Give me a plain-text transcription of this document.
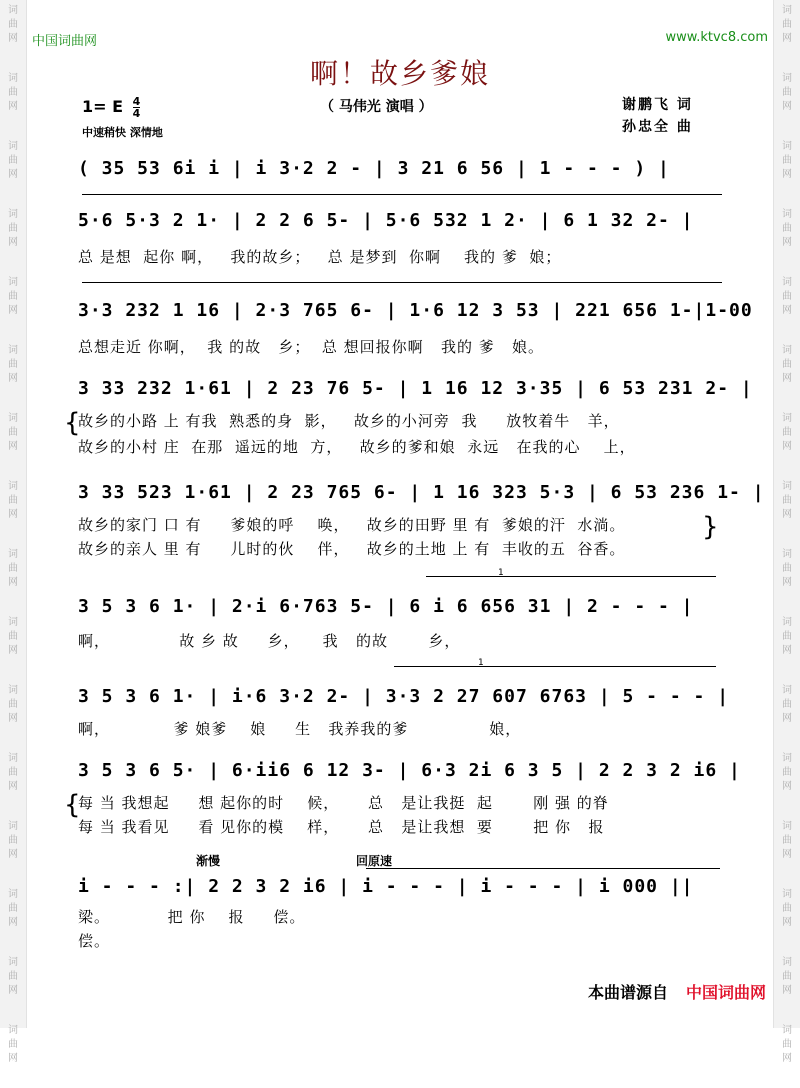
词
曲
网
词
曲
网
词
曲
网
词
曲
网
词
曲
网
词
曲
网
词
曲
网
词
曲
网
词
曲
网
词
曲
网
词
曲
网
词
曲
网
词
曲
网
词
曲
网
词
曲
网
词
曲
网
词
曲
网
词
曲
网
词
曲
网
词
曲
网
词
曲
网
词
曲
网
词
曲
网
词
曲
网
词
曲
网
词
曲
网
词
曲
网
词
曲
网
词
曲
网
词
曲
网
词
曲
网
词
曲
网
中国词曲网	www.ktvc8.com
啊！故乡爹娘
1= E $\frac{4}{4}$
中速稍快 深情地
（ 马伟光 演唱 ）	谢鹏飞 词
孙忠全 曲
( 35 53 6i i | i 3·2 2 - | 3 21 6 56 | 1 - - - ) |
5·6 5·3 2 1· | 2 2 6 5- | 5·6 532 1 2· | 6 1 32 2- |
总 是想  起你 啊，   我的故乡；   总 是梦到  你啊    我的 爹  娘；
3·3 232 1 16 | 2·3 765 6- | 1·6 12 3 53 | 221 656 1-|1-00
总想走近 你啊，  我 的故   乡；  总 想回报你啊   我的 爹   娘。
3 33 232 1·61 | 2 23 76 5- | 1 16 12 3·35 | 6 53 231 2- |
{
故乡的小路 上 有我  熟悉的身  影，   故乡的小河旁  我     放牧着牛   羊，
故乡的小村 庄  在那  遥远的地  方，   故乡的爹和娘  永远   在我的心    上，
3 33 523 1·61 | 2 23 765 6- | 1 16 323 5·3 | 6 53 236 1- |
故乡的家门 口 有     爹娘的呼    唤，   故乡的田野 里 有  爹娘的汗  水淌。
故乡的亲人 里 有     儿时的伙    伴，   故乡的土地 上 有  丰收的五  谷香。
}
1
3 5 3 6 1· | 2·i 6·763 5- | 6 i 6 656 31 | 2 - - - |
啊，            故 乡 故     乡，    我   的故       乡，
1
3 5 3 6 1· | i·6 3·2 2- | 3·3 2 27 607 6763 | 5 - - - |
啊，           爹 娘爹    娘     生   我养我的爹              娘，
3 5 3 6 5· | 6·ii6 6 12 3- | 6·3 2i 6 3 5 | 2 2 3 2 i6 |
{
每 当 我想起     想 起你的时    候，     总   是让我挺  起       刚 强 的脊
每 当 我看见     看 见你的模    样，     总   是让我想  要       把 你   报
渐慢	回原速
i - - - :| 2 2 3 2 i6 | i - - - | i - - - | i 000 ||
梁。          把 你    报     偿。
偿。
本曲谱源自 中国词曲网
